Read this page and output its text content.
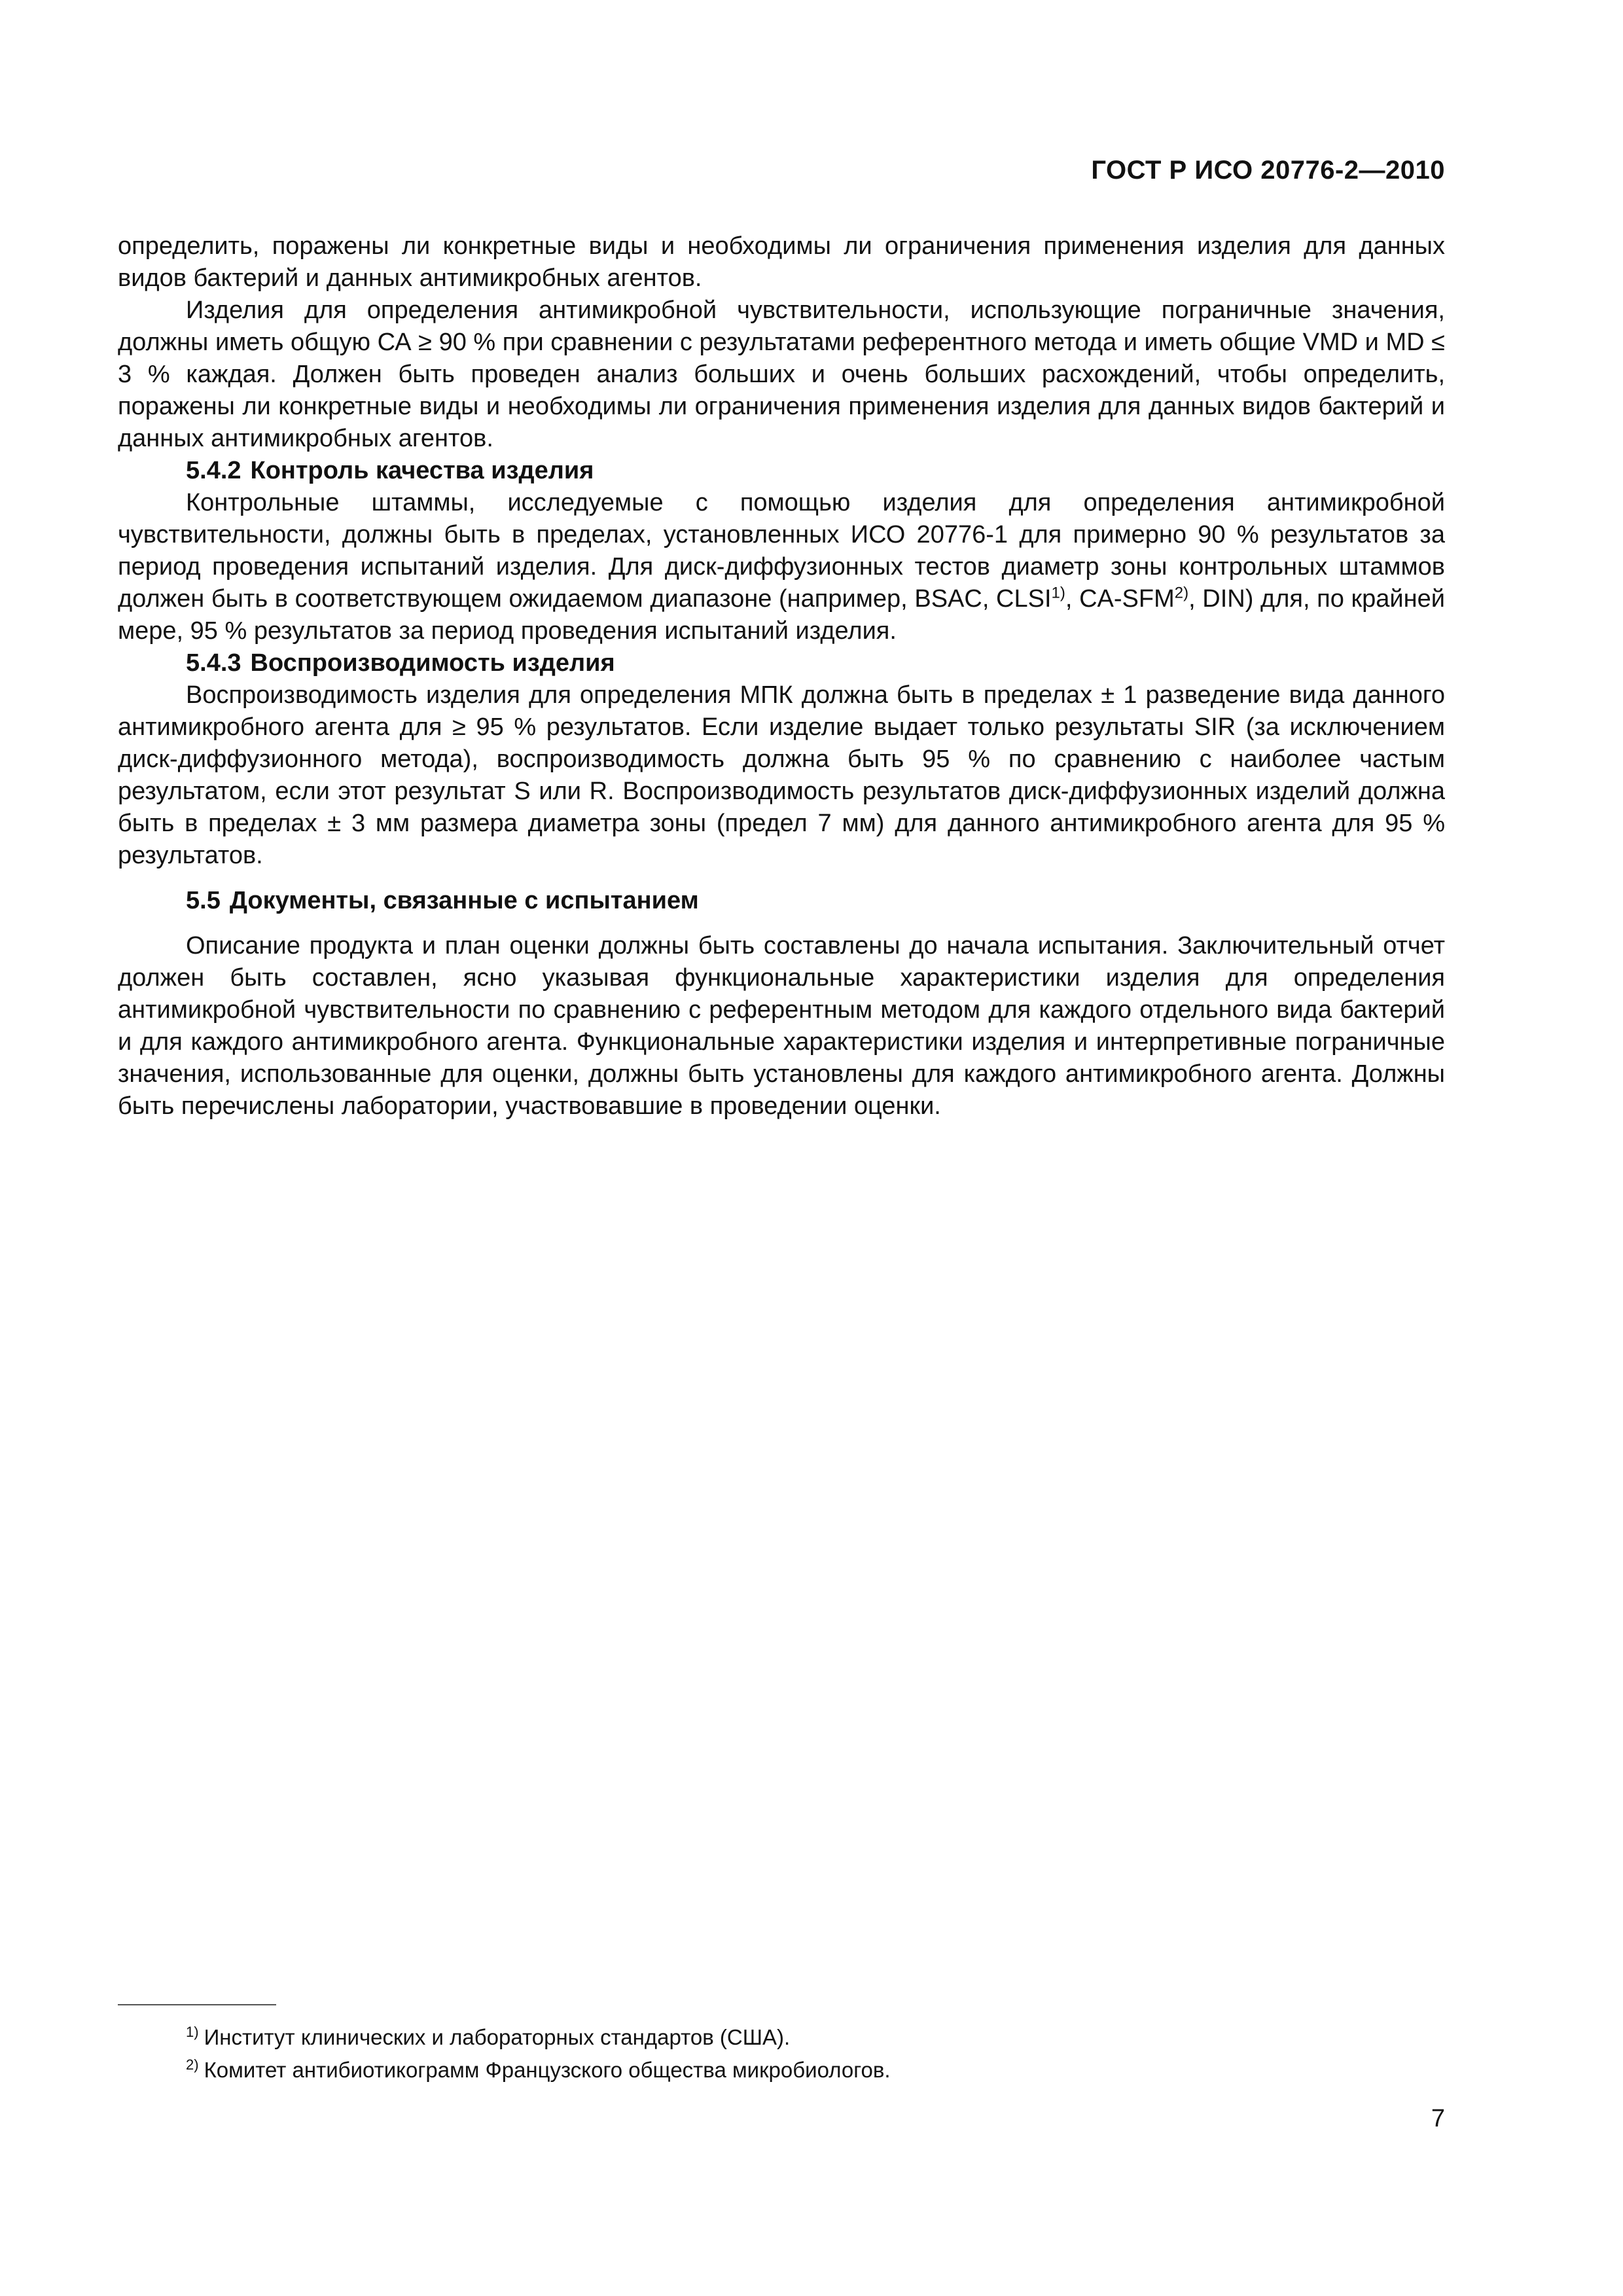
ГОСТ Р ИСО 20776-2—2010

определить, поражены ли конкретные виды и необходимы ли ограничения применения изделия для данных видов бактерий и данных антимикробных агентов.

Изделия для определения антимикробной чувствительности, использующие пограничные значения, должны иметь общую СА ≥ 90 % при сравнении с результатами референтного метода и иметь общие VMD и MD ≤ 3 % каждая. Должен быть проведен анализ больших и очень больших расхождений, чтобы определить, поражены ли конкретные виды и необходимы ли ограничения применения изделия для данных видов бактерий и данных антимикробных агентов.

5.4.2 Контроль качества изделия

Контрольные штаммы, исследуемые с помощью изделия для определения антимикробной чувствительности, должны быть в пределах, установленных ИСО 20776-1 для примерно 90 % результатов за период проведения испытаний изделия. Для диск-диффузионных тестов диаметр зоны контрольных штаммов должен быть в соответствующем ожидаемом диапазоне (например, BSAC, CLSI$^{1)}$, CA-SFM$^{2)}$, DIN) для, по крайней мере, 95 % результатов за период проведения испытаний изделия.

5.4.3 Воспроизводимость изделия

Воспроизводимость изделия для определения МПК должна быть в пределах ± 1 разведение вида данного антимикробного агента для ≥ 95 % результатов. Если изделие выдает только результаты SIR (за исключением диск-диффузионного метода), воспроизводимость должна быть 95 % по сравнению с наиболее частым результатом, если этот результат S или R. Воспроизводимость результатов диск-диффузионных изделий должна быть в пределах ± 3 мм размера диаметра зоны (предел 7 мм) для данного антимикробного агента для 95 % результатов.

5.5 Документы, связанные с испытанием

Описание продукта и план оценки должны быть составлены до начала испытания. Заключительный отчет должен быть составлен, ясно указывая функциональные характеристики изделия для определения антимикробной чувствительности по сравнению с референтным методом для каждого отдельного вида бактерий и для каждого антимикробного агента. Функциональные характеристики изделия и интерпретивные пограничные значения, использованные для оценки, должны быть установлены для каждого антимикробного агента. Должны быть перечислены лаборатории, участвовавшие в проведении оценки.

$^{1)}$ Институт клинических и лабораторных стандартов (США).
$^{2)}$ Комитет антибиотикограмм Французского общества микробиологов.
7
